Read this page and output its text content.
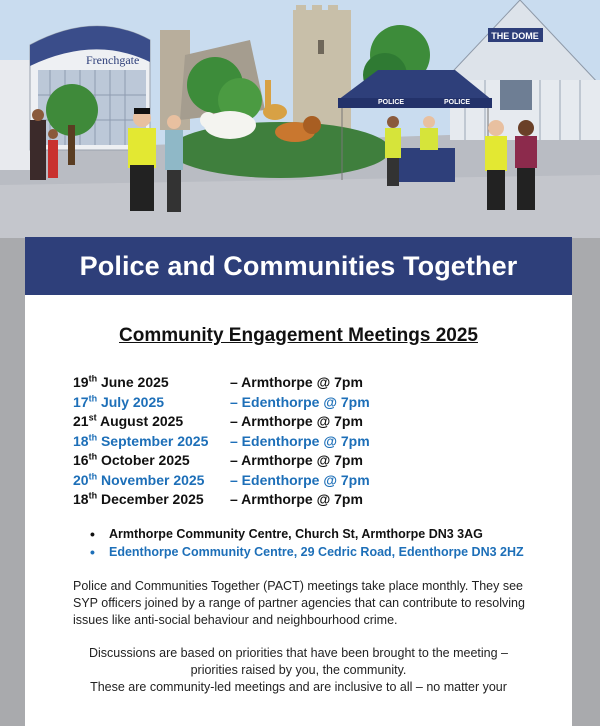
Frenchgate
THE DOME
POLICE	POLICE
Police and Communities Together
Community Engagement Meetings 2025
19th June 2025	– Armthorpe @ 7pm
17th July 2025	– Edenthorpe @ 7pm
21st August 2025	– Armthorpe @ 7pm
18th September 2025	– Edenthorpe @ 7pm
16th October 2025	– Armthorpe @ 7pm
20th November 2025	– Edenthorpe @ 7pm
18th December 2025	– Armthorpe @ 7pm
• Armthorpe Community Centre, Church St, Armthorpe DN3 3AG
• Edenthorpe Community Centre, 29 Cedric Road, Edenthorpe DN3 2HZ
Police and Communities Together (PACT) meetings take place monthly. They see SYP officers joined by a range of partner agencies that can contribute to resolving issues like anti-social behaviour and neighbourhood crime.
Discussions are based on priorities that have been brought to the meeting –
priorities raised by you, the community.
These are community-led meetings and are inclusive to all – no matter your
